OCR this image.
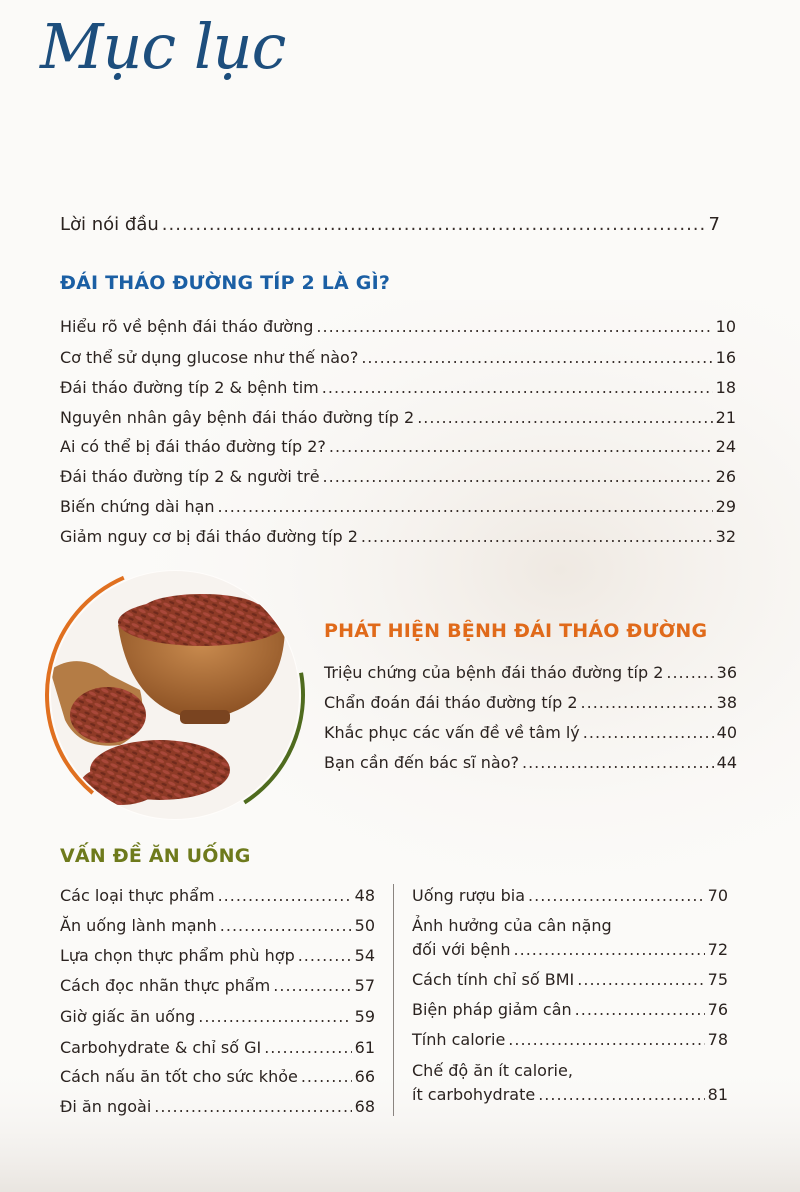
Mục lục
Lời nói đầu .....	7
ĐÁI THÁO ĐƯỜNG TÍP 2 LÀ GÌ?
Hiểu rõ về bệnh đái tháo đường .....	10
Cơ thể sử dụng glucose như thế nào? .....	16
Đái tháo đường típ 2 & bệnh tim .....	18
Nguyên nhân gây bệnh đái tháo đường típ 2 .....	21
Ai có thể bị đái tháo đường típ 2? .....	24
Đái tháo đường típ 2 & người trẻ .....	26
Biến chứng dài hạn .....	29
Giảm nguy cơ bị đái tháo đường típ 2 .....	32
PHÁT HIỆN BỆNH ĐÁI THÁO ĐƯỜNG
Triệu chứng của bệnh đái tháo đường típ 2 .....	36
Chẩn đoán đái tháo đường típ 2 .....	38
Khắc phục các vấn đề về tâm lý .....	40
Bạn cần đến bác sĩ nào? .....	44
VẤN ĐỀ ĂN UỐNG
Các loại thực phẩm .....	48
Ăn uống lành mạnh .....	50
Lựa chọn thực phẩm phù hợp .....	54
Cách đọc nhãn thực phẩm .....	57
Giờ giấc ăn uống .....	59
Carbohydrate & chỉ số GI .....	61
Cách nấu ăn tốt cho sức khỏe .....	66
Đi ăn ngoài .....	68
Uống rượu bia .....	70
Ảnh hưởng của cân nặng
đối với bệnh .....	72
Cách tính chỉ số BMI .....	75
Biện pháp giảm cân .....	76
Tính calorie .....	78
Chế độ ăn ít calorie,
ít carbohydrate .....	81
